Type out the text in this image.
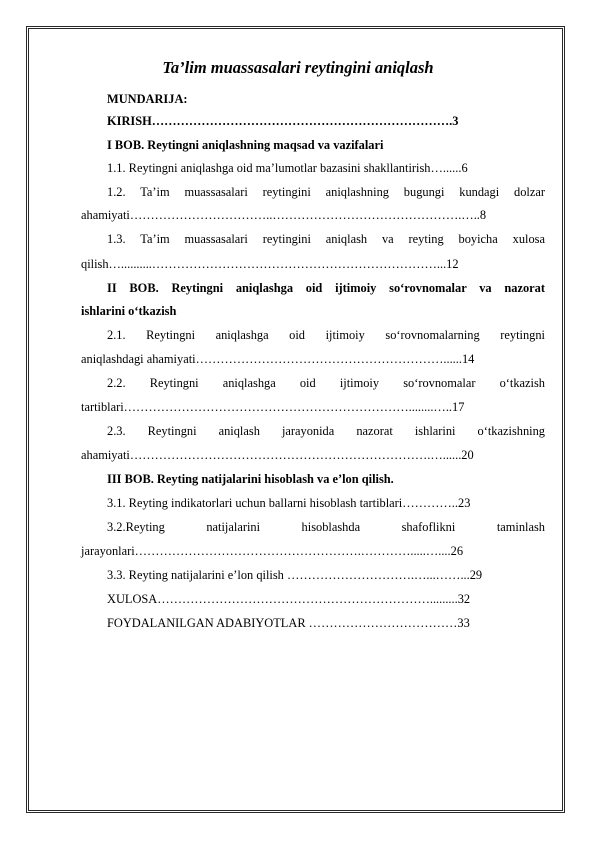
Ta’lim muassasalari reytingini aniqlash
MUNDARIJA:
KIRISH……………………………………………………………….3
I BOB. Reytingni aniqlashning maqsad va vazifalari
1.1. Reytingni aniqlashga oid ma’lumotlar bazasini shakllantirish…......6
1.2. Ta’im muassasalari reytingini aniqlashning bugungi kundagi dolzar
ahamiyati……………………………..……………………………………….…..8
1.3. Ta’im muassasalari reytingini aniqlash va reyting boyicha xulosa
qilish…..........……………………………………………………………...12
II BOB. Reytingni aniqlashga oid ijtimoiy so‘rovnomalar va nazorat
ishlarini o‘tkazish
2.1. Reytingni aniqlashga oid ijtimoiy so‘rovnomalarning reytingni
aniqlashdagi ahamiyati……………………………………………………......14
2.2. Reytingni aniqlashga oid ijtimoiy so‘rovnomalar o‘tkazish
tartiblari……………………………………………………………........…..17
2.3. Reytingni aniqlash jarayonida nazorat ishlarini o‘tkazishning
ahamiyati……………………………………………………………….…......20
III BOB. Reyting natijalarini hisoblash va e’lon qilish.
3.1. Reyting indikatorlari uchun ballarni hisoblash tartiblari…………..23
3.2.Reyting natijalarini hisoblashda shafoflikni taminlash
jarayonlari……………………………………………….………….....…....26
3.3. Reyting natijalarini e’lon qilish ………………………….…...……...29
XULOSA………………………………………………………….........32
FOYDALANILGAN ADABIYOTLAR ………………………………33
